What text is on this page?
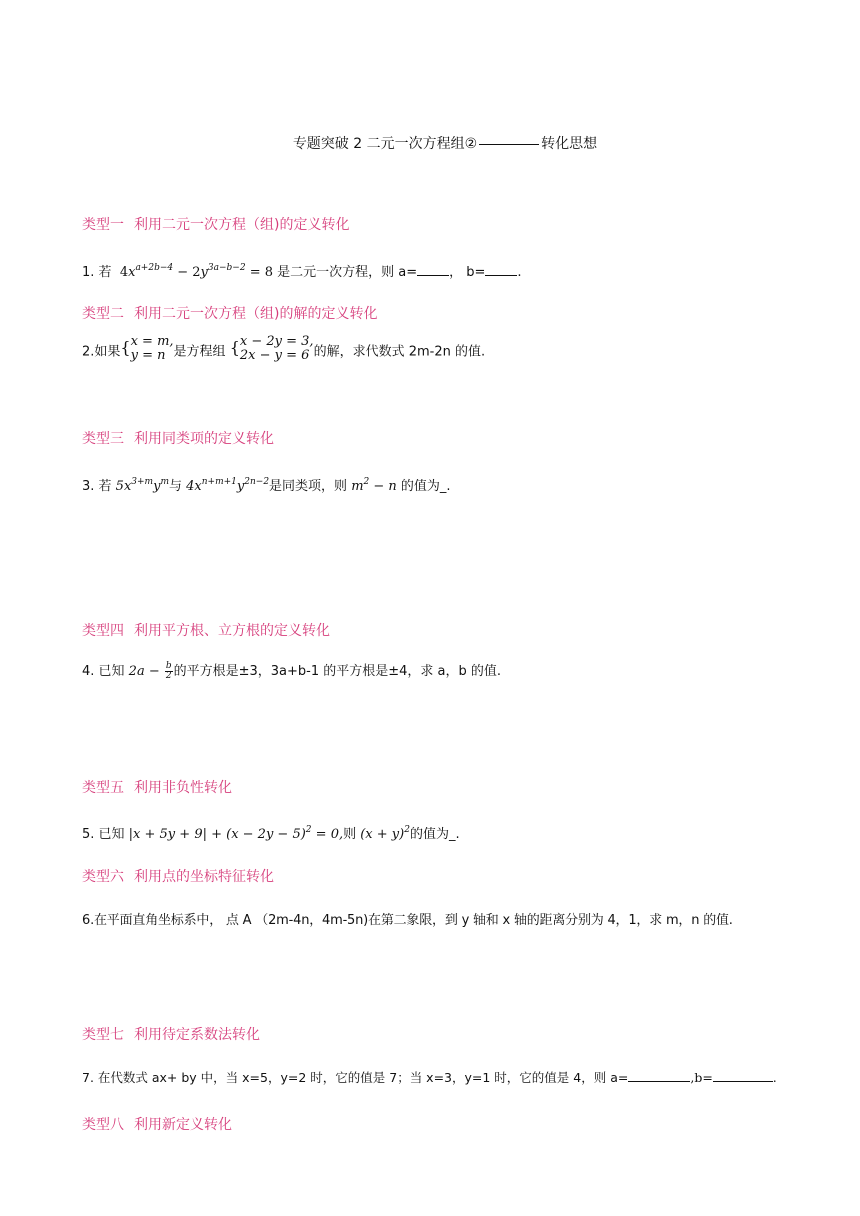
专题突破 2 二元一次方程组②	转化思想
类型一 利用二元一次方程（组)的定义转化
1. 若 $4x^{a+2b-4} - 2y^{3a-b-2} = 8$ 是二元一次方程，则 a= ， b= .
类型二 利用二元一次方程（组)的解的定义转化
2.如果{ x = m,
y = n 是方程组 { x − 2y = 3,
2x − y = 6 的解，求代数式 2m-2n 的值.
类型三 利用同类项的定义转化
3. 若 $5x^{3+m}y^m$与 $4x^{n+m+1}y^{2n-2}$是同类项，则 $m^2 - n$ 的值为_.
类型四 利用平方根、立方根的定义转化
4. 已知 $2a - \frac{b}{2}$ 的平方根是±3，3a+b-1 的平方根是±4，求 a，b 的值.
类型五 利用非负性转化
5. 已知 $|x + 5y + 9| + (x - 2y - 5)^2 = 0$,则 $(x + y)^2$的值为_.
类型六 利用点的坐标特征转化
6.在平面直角坐标系中， 点 A （2m-4n，4m-5n)在第二象限，到 y 轴和 x 轴的距离分别为 4，1，求 m，n 的值.
类型七 利用待定系数法转化
7. 在代数式 ax+ by 中，当 x=5，y=2 时，它的值是 7；当 x=3，y=1 时，它的值是 4，则 a=	,b=	.
类型八 利用新定义转化
